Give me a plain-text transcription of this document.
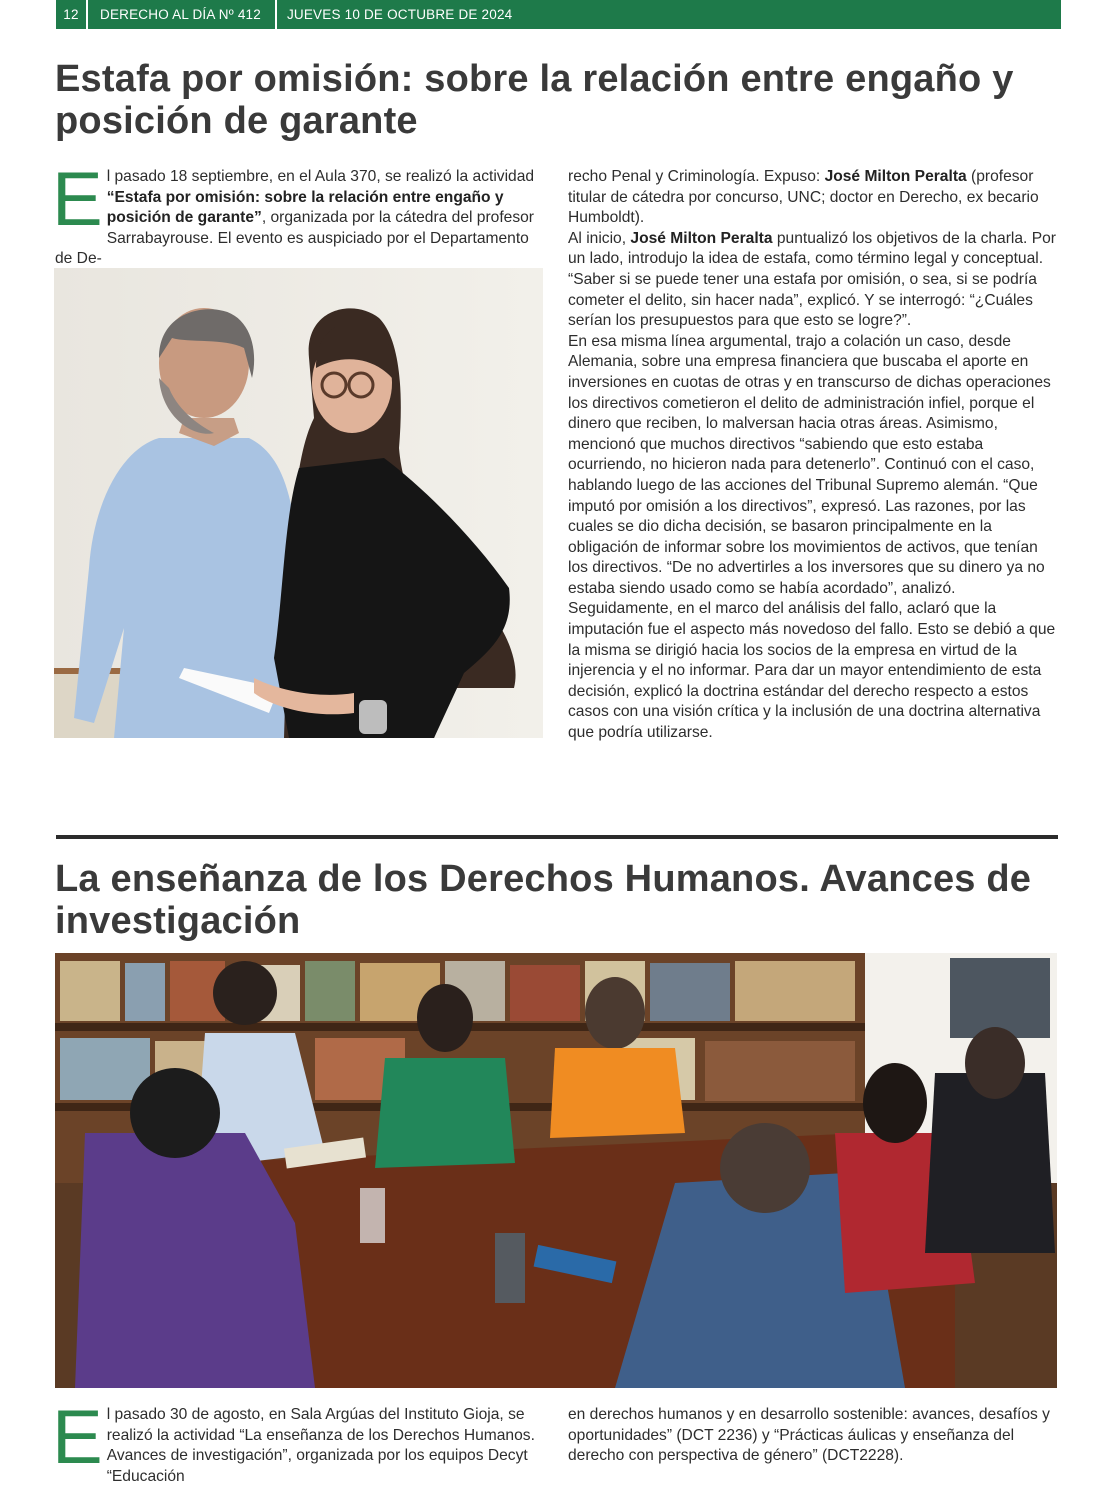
12	DERECHO AL DÍA Nº 412	JUEVES 10 DE OCTUBRE DE 2024
Estafa por omisión: sobre la relación entre engaño y
posición de garante

El pasado 18 septiembre, en el Aula 370, se realizó la actividad “Estafa por omisión: sobre la relación entre engaño y posición de garante”, organizada por la cátedra del profesor Sarrabayrouse. El evento es auspiciado por el Departamento de De-

recho Penal y Criminología. Expuso: José Milton Peralta (profesor titular de cátedra por concurso, UNC; doctor en Derecho, ex becario Humboldt).

Al inicio, José Milton Peralta puntualizó los objetivos de la charla. Por un lado, introdujo la idea de estafa, como término legal y conceptual. “Saber si se puede tener una estafa por omisión, o sea, si se podría cometer el delito, sin hacer nada”, explicó. Y se interrogó: “¿Cuáles serían los presupuestos para que esto se logre?”.

En esa misma línea argumental, trajo a colación un caso, desde Alemania, sobre una empresa financiera que buscaba el aporte en inversiones en cuotas de otras y en transcurso de dichas operaciones los directivos cometieron el delito de administración infiel, porque el dinero que reciben, lo malversan hacia otras áreas. Asimismo, mencionó que muchos directivos “sabiendo que esto estaba ocurriendo, no hicieron nada para detenerlo”. Continuó con el caso, hablando luego de las acciones del Tribunal Supremo alemán. “Que imputó por omisión a los directivos”, expresó. Las razones, por las cuales se dio dicha decisión, se basaron principalmente en la obligación de informar sobre los movimientos de activos, que tenían los directivos. “De no advertirles a los inversores que su dinero ya no estaba siendo usado como se había acordado”, analizó.

Seguidamente, en el marco del análisis del fallo, aclaró que la imputación fue el aspecto más novedoso del fallo. Esto se debió a que la misma se dirigió hacia los socios de la empresa en virtud de la injerencia y el no informar. Para dar un mayor entendimiento de esta decisión, explicó la doctrina estándar del derecho respecto a estos casos con una visión crítica y la inclusión de una doctrina alternativa que podría utilizarse.

La enseñanza de los Derechos Humanos. Avances de
investigación

El pasado 30 de agosto, en Sala Argúas del Instituto Gioja, se realizó la actividad “La enseñanza de los Derechos Humanos. Avances de investigación”, organizada por los equipos Decyt “Educación

en derechos humanos y en desarrollo sostenible: avances, desafíos y oportunidades” (DCT 2236) y “Prácticas áulicas y enseñanza del derecho con perspectiva de género” (DCT2228).
